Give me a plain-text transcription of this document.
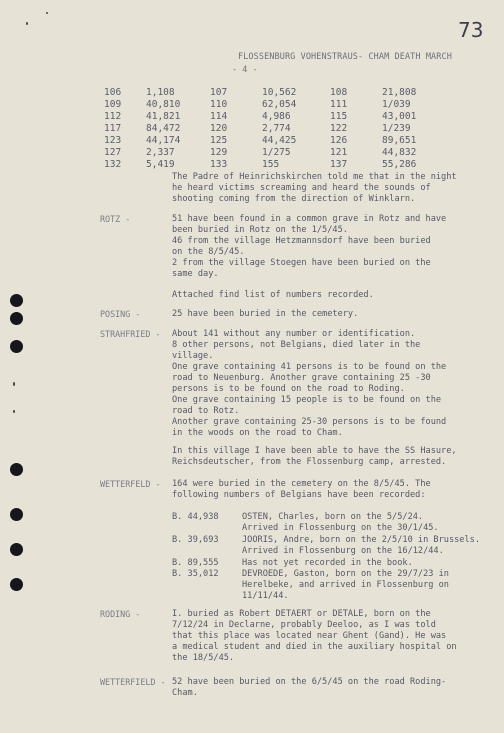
73
FLOSSENBURG VOHENSTRAUS- CHAM DEATH MARCH
- 4 -
106	1,108	107	10,562	108	21,808
109	40,810	110	62,054	111	1/039
112	41,821	114	4,986	115	43,001
117	84,472	120	2,774	122	1/239
123	44,174	125	44,425	126	89,651
127	2,337	129	1/275	121	44,832
132	5,419	133	155	137	55,286
The Padre of Heinrichskirchen told me that in the night
he heard victims screaming and heard the sounds of
shooting coming from the direction of Winklarn.
ROTZ -	51 have been found in a common grave in Rotz and have
been buried in Rotz on the 1/5/45.
46 from the village Hetzmannsdorf have been buried
on the 8/5/45.
2 from the village Stoegen have been buried on the
same day.
Attached find list of numbers recorded.
POSING -	25 have been buried in the cemetery.
STRAHFRIED - About 141 without any number or identification.
8 other persons, not Belgians, died later in the
village.
One grave containing 41 persons is to be found on the
road to Neuenburg. Another grave containing 25 -30
persons is to be found on the road to Roding.
One grave containing 15 people is to be found on the
road to Rotz.
Another grave containing 25-30 persons is to be found
in the woods on the road to Cham.
In this village I have been able to have the SS Hasure,
Reichsdeutscher, from the Flossenburg camp, arrested.
WETTERFELD - 164 were buried in the cemetery on the 8/5/45. The
following numbers of Belgians have been recorded:
B. 44,938	OSTEN, Charles, born on the 5/5/24.
Arrived in Flossenburg on the 30/1/45.
B. 39,693	JOORIS, Andre, born on the 2/5/10 in Brussels.
Arrived in Flossenburg on the 16/12/44.
B. 89,555	Has not yet recorded in the book.
B. 35,012	DEVROEDE, Gaston, born on the 29/7/23 in
Herelbeke, and arrived in Flossenburg on
11/11/44.
RODING -	I. buried as Robert DETAERT or DETALE, born on the
7/12/24 in Declarne, probably Deeloo, as I was told
that this place was located near Ghent (Gand). He was
a medical student and died in the auxiliary hospital on
the 18/5/45.
WETTERFIELD - 52 have been buried on the 6/5/45 on the road Roding-
Cham.
